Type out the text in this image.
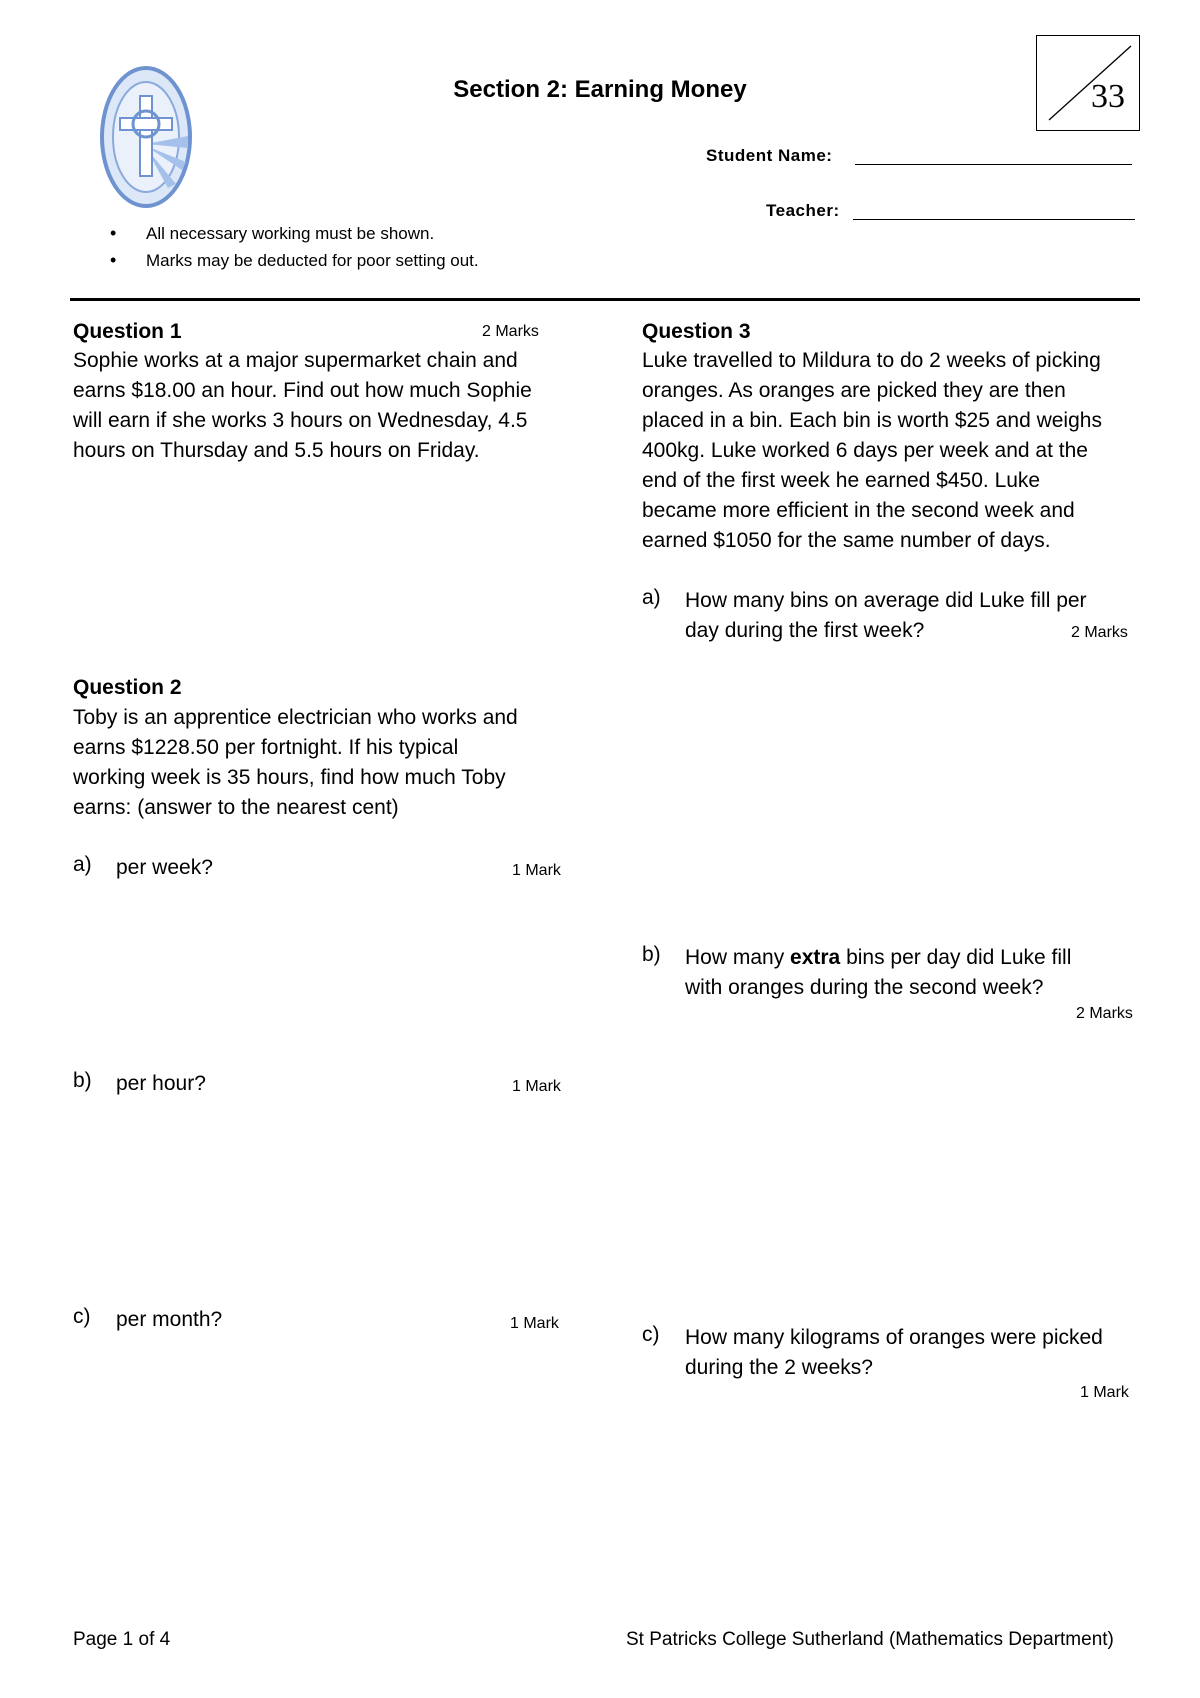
Section 2: Earning Money	33
Student Name:
Teacher:
• All necessary working must be shown.
• Marks may be deducted for poor setting out.
Question 1	2 Marks
Sophie works at a major supermarket chain and
earns $18.00 an hour. Find out how much Sophie
will earn if she works 3 hours on Wednesday, 4.5
hours on Thursday and 5.5 hours on Friday.
Question 2
Toby is an apprentice electrician who works and
earns $1228.50 per fortnight. If his typical
working week is 35 hours, find how much Toby
earns: (answer to the nearest cent)
a) per week?	1 Mark
b) per hour?	1 Mark
c) per month?	1 Mark
Question 3
Luke travelled to Mildura to do 2 weeks of picking
oranges. As oranges are picked they are then
placed in a bin. Each bin is worth $25 and weighs
400kg. Luke worked 6 days per week and at the
end of the first week he earned $450. Luke
became more efficient in the second week and
earned $1050 for the same number of days.
a) How many bins on average did Luke fill per
day during the first week?	2 Marks
b) How many extra bins per day did Luke fill
with oranges during the second week?
2 Marks
c) How many kilograms of oranges were picked
during the 2 weeks?
1 Mark
Page 1 of 4	St Patricks College Sutherland (Mathematics Department)
